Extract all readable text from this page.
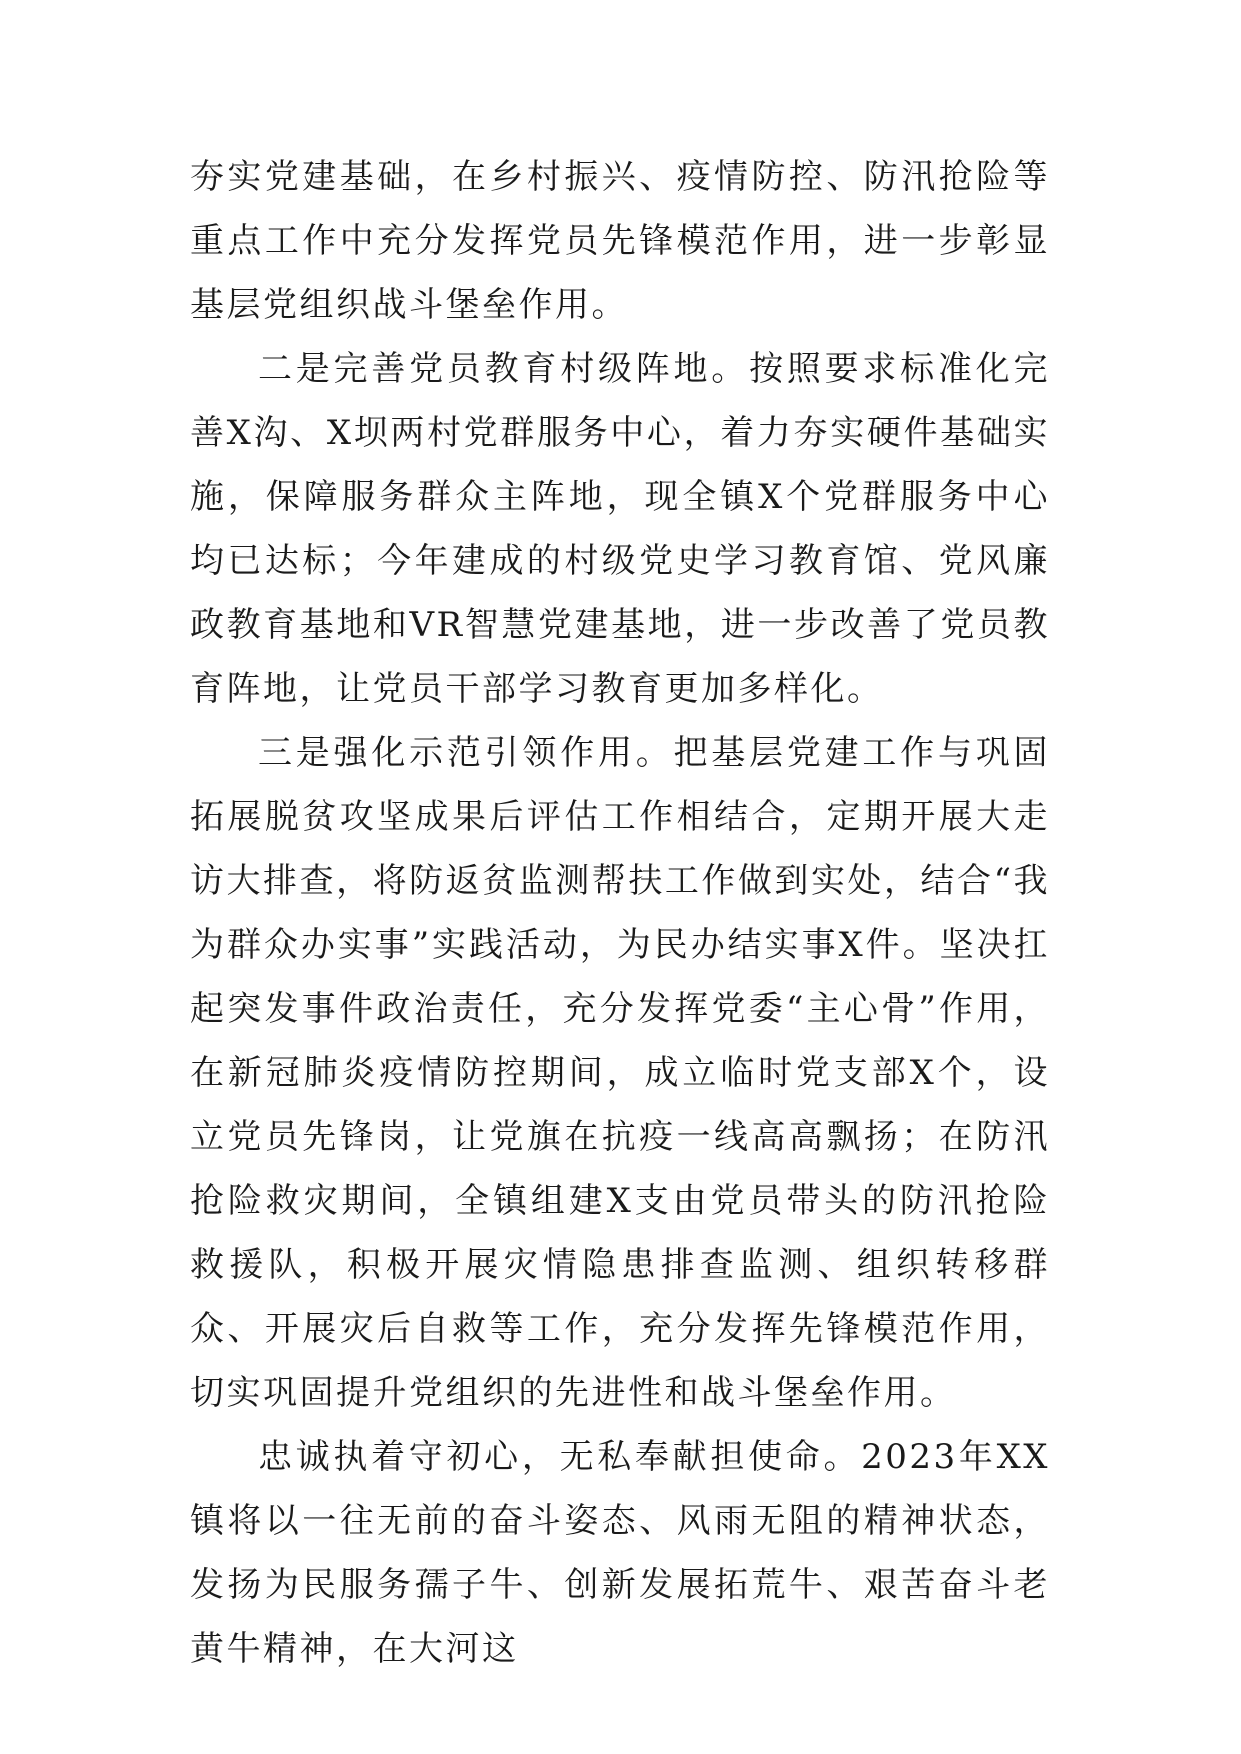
夯实党建基础，在乡村振兴、疫情防控、防汛抢险等重点工作中充分发挥党员先锋模范作用，进一步彰显基层党组织战斗堡垒作用。

二是完善党员教育村级阵地。按照要求标准化完善X沟、X坝两村党群服务中心，着力夯实硬件基础实施，保障服务群众主阵地，现全镇X个党群服务中心均已达标；今年建成的村级党史学习教育馆、党风廉政教育基地和VR智慧党建基地，进一步改善了党员教育阵地，让党员干部学习教育更加多样化。

三是强化示范引领作用。把基层党建工作与巩固拓展脱贫攻坚成果后评估工作相结合，定期开展大走访大排查，将防返贫监测帮扶工作做到实处，结合“我为群众办实事”实践活动，为民办结实事X件。坚决扛起突发事件政治责任，充分发挥党委“主心骨”作用，在新冠肺炎疫情防控期间，成立临时党支部X个，设立党员先锋岗，让党旗在抗疫一线高高飘扬；在防汛抢险救灾期间，全镇组建X支由党员带头的防汛抢险救援队，积极开展灾情隐患排查监测、组织转移群众、开展灾后自救等工作，充分发挥先锋模范作用，切实巩固提升党组织的先进性和战斗堡垒作用。

忠诚执着守初心，无私奉献担使命。2023年XX镇将以一往无前的奋斗姿态、风雨无阻的精神状态，发扬为民服务孺子牛、创新发展拓荒牛、艰苦奋斗老黄牛精神，在大河这
